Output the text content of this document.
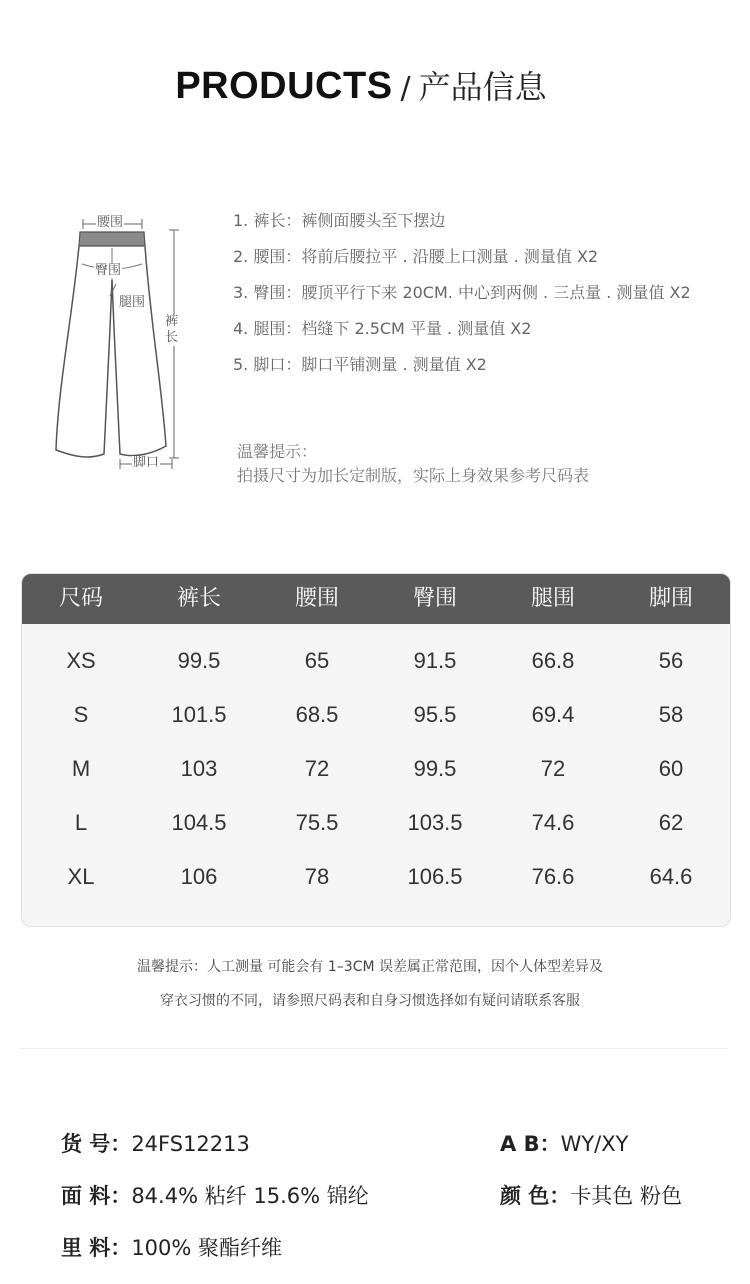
PRODUCTS / 产品信息
腰围
臀围
腿围
裤长
脚口
1. 裤长：裤侧面腰头至下摆边
2. 腰围：将前后腰拉平 . 沿腰上口测量 . 测量值 X2
3. 臀围：腰顶平行下来 20CM. 中心到两侧 . 三点量 . 测量值 X2
4. 腿围：档缝下 2.5CM 平量 . 测量值 X2
5. 脚口：脚口平铺测量 . 测量值 X2
温馨提示：
拍摄尺寸为加长定制版，实际上身效果参考尺码表
尺码	裤长	腰围	臀围	腿围	脚围
XS	99.5	65	91.5	66.8	56
S	101.5	68.5	95.5	69.4	58
M	103	72	99.5	72	60
L	104.5	75.5	103.5	74.6	62
XL	106	78	106.5	76.6	64.6
温馨提示：人工测量 可能会有 1–3CM 误差属正常范围，因个人体型差异及
穿衣习惯的不同，请参照尺码表和自身习惯选择如有疑问请联系客服
货 号：24FS12213	A B：WY/XY
面 料：84.4% 粘纤 15.6% 锦纶	颜 色：卡其色 粉色
里 料：100% 聚酯纤维
